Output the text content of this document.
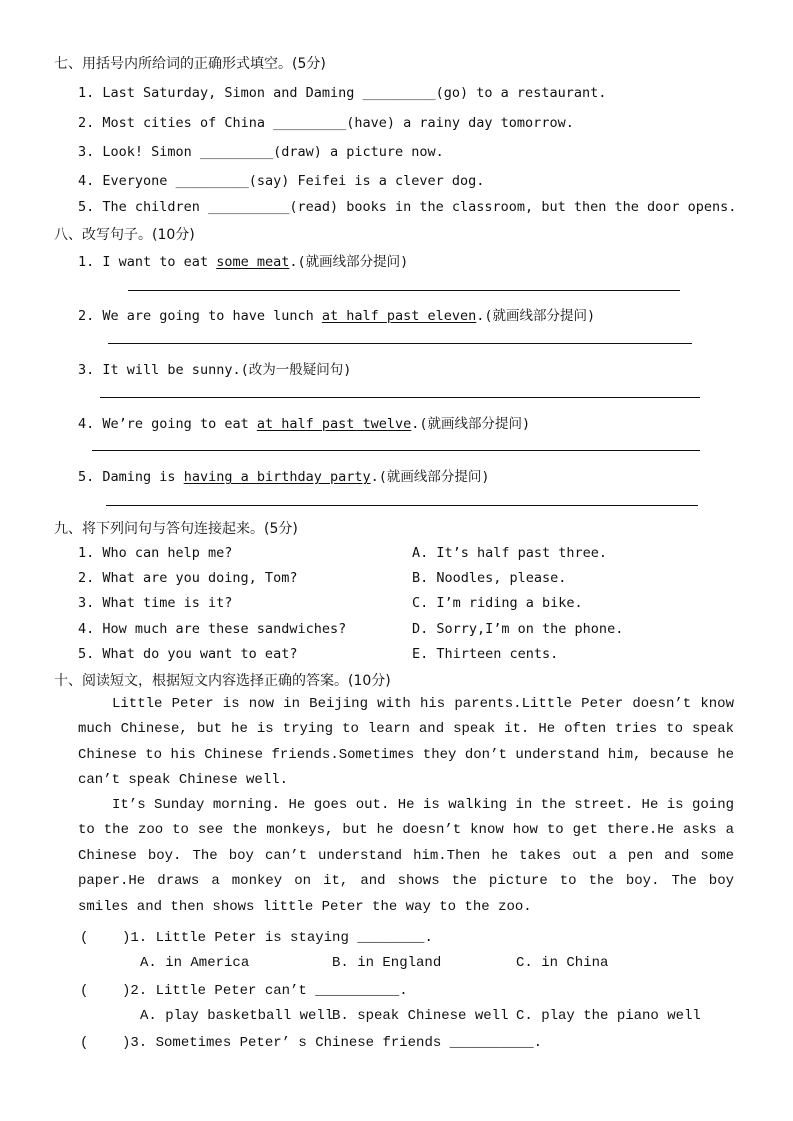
七、用括号内所给词的正确形式填空。(5分)
1. Last Saturday, Simon and Daming _________(go) to a restaurant.
2. Most cities of China _________(have) a rainy day tomorrow.
3. Look! Simon _________(draw) a picture now.
4. Everyone _________(say) Feifei is a clever dog.
5. The children __________(read) books in the classroom, but then the door opens.
八、改写句子。(10分)
1. I want to eat some meat.(就画线部分提问)
2. We are going to have lunch at half past eleven.(就画线部分提问)
3. It will be sunny.(改为一般疑问句)
4. We’re going to eat at half past twelve.(就画线部分提问)
5. Daming is having a birthday party.(就画线部分提问)
九、将下列问句与答句连接起来。(5分)
1. Who can help me?
2. What are you doing, Tom?
3. What time is it?
4. How much are these sandwiches?
5. What do you want to eat?
A. It’s half past three.
B. Noodles, please.
C. I’m riding a bike.
D. Sorry,I’m on the phone.
E. Thirteen cents.
十、阅读短文，根据短文内容选择正确的答案。(10分)
Little Peter is now in Beijing with his parents.Little Peter doesn’t know much Chinese, but he is trying to learn and speak it. He often tries to speak Chinese to his Chinese friends.Sometimes they don’t understand him, because he can’t speak Chinese well.
It’s Sunday morning. He goes out. He is walking in the street. He is going to the zoo to see the monkeys, but he doesn’t know how to get there.He asks a Chinese boy. The boy can’t understand him.Then he takes out a pen and some paper.He draws a monkey on it, and shows the picture to the boy. The boy smiles and then shows little Peter the way to the zoo.
(    )1. Little Peter is staying ________.
A. in America	B. in England	C. in China
(    )2. Little Peter can’t __________.
A. play basketball well
B. speak Chinese well C. play the piano well
(    )3. Sometimes Peter’ s Chinese friends __________.
